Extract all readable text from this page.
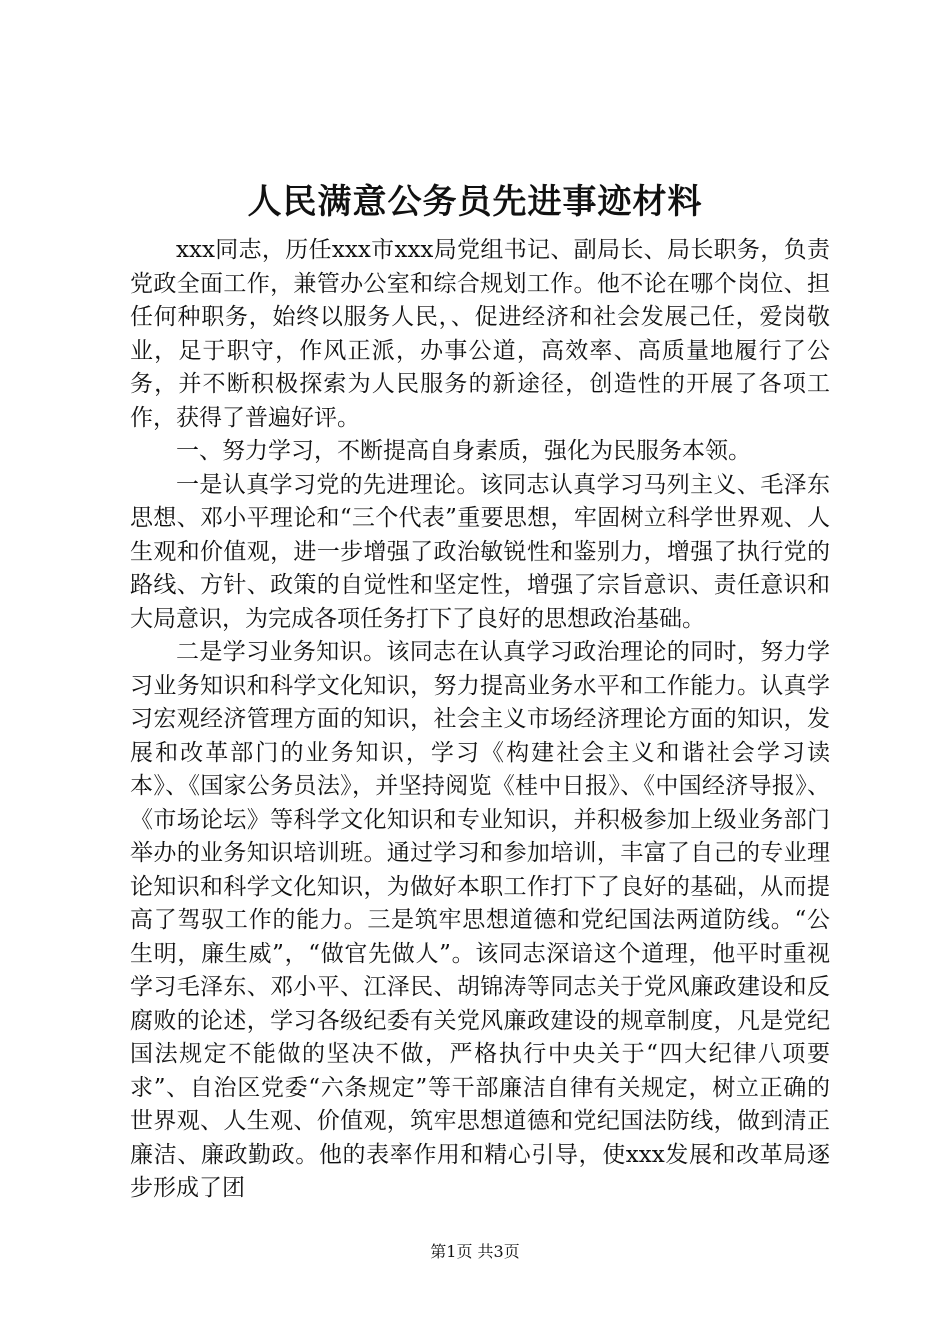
人民满意公务员先进事迹材料

xxx同志，历任xxx市xxx局党组书记、副局长、局长职务，负责党政全面工作，兼管办公室和综合规划工作。他不论在哪个岗位、担任何种职务，始终以服务人民，、促进经济和社会发展己任，爱岗敬业，足于职守，作风正派，办事公道，高效率、高质量地履行了公务，并不断积极探索为人民服务的新途径，创造性的开展了各项工作，获得了普遍好评。

一、努力学习，不断提高自身素质，强化为民服务本领。

一是认真学习党的先进理论。该同志认真学习马列主义、毛泽东思想、邓小平理论和“三个代表”重要思想，牢固树立科学世界观、人生观和价值观，进一步增强了政治敏锐性和鉴别力，增强了执行党的路线、方针、政策的自觉性和坚定性，增强了宗旨意识、责任意识和大局意识，为完成各项任务打下了良好的思想政治基础。

二是学习业务知识。该同志在认真学习政治理论的同时，努力学习业务知识和科学文化知识，努力提高业务水平和工作能力。认真学习宏观经济管理方面的知识，社会主义市场经济理论方面的知识，发展和改革部门的业务知识，学习《构建社会主义和谐社会学习读本》、《国家公务员法》，并坚持阅览《桂中日报》、《中国经济导报》、《市场论坛》等科学文化知识和专业知识，并积极参加上级业务部门举办的业务知识培训班。通过学习和参加培训，丰富了自己的专业理论知识和科学文化知识，为做好本职工作打下了良好的基础，从而提高了驾驭工作的能力。三是筑牢思想道德和党纪国法两道防线。“公生明，廉生威”，“做官先做人”。该同志深谙这个道理，他平时重视学习毛泽东、邓小平、江泽民、胡锦涛等同志关于党风廉政建设和反腐败的论述，学习各级纪委有关党风廉政建设的规章制度，凡是党纪国法规定不能做的坚决不做，严格执行中央关于“四大纪律八项要求”、自治区党委“六条规定”等干部廉洁自律有关规定，树立正确的世界观、人生观、价值观，筑牢思想道德和党纪国法防线，做到清正廉洁、廉政勤政。他的表率作用和精心引导，使xxx发展和改革局逐步形成了团

第1页 共3页
